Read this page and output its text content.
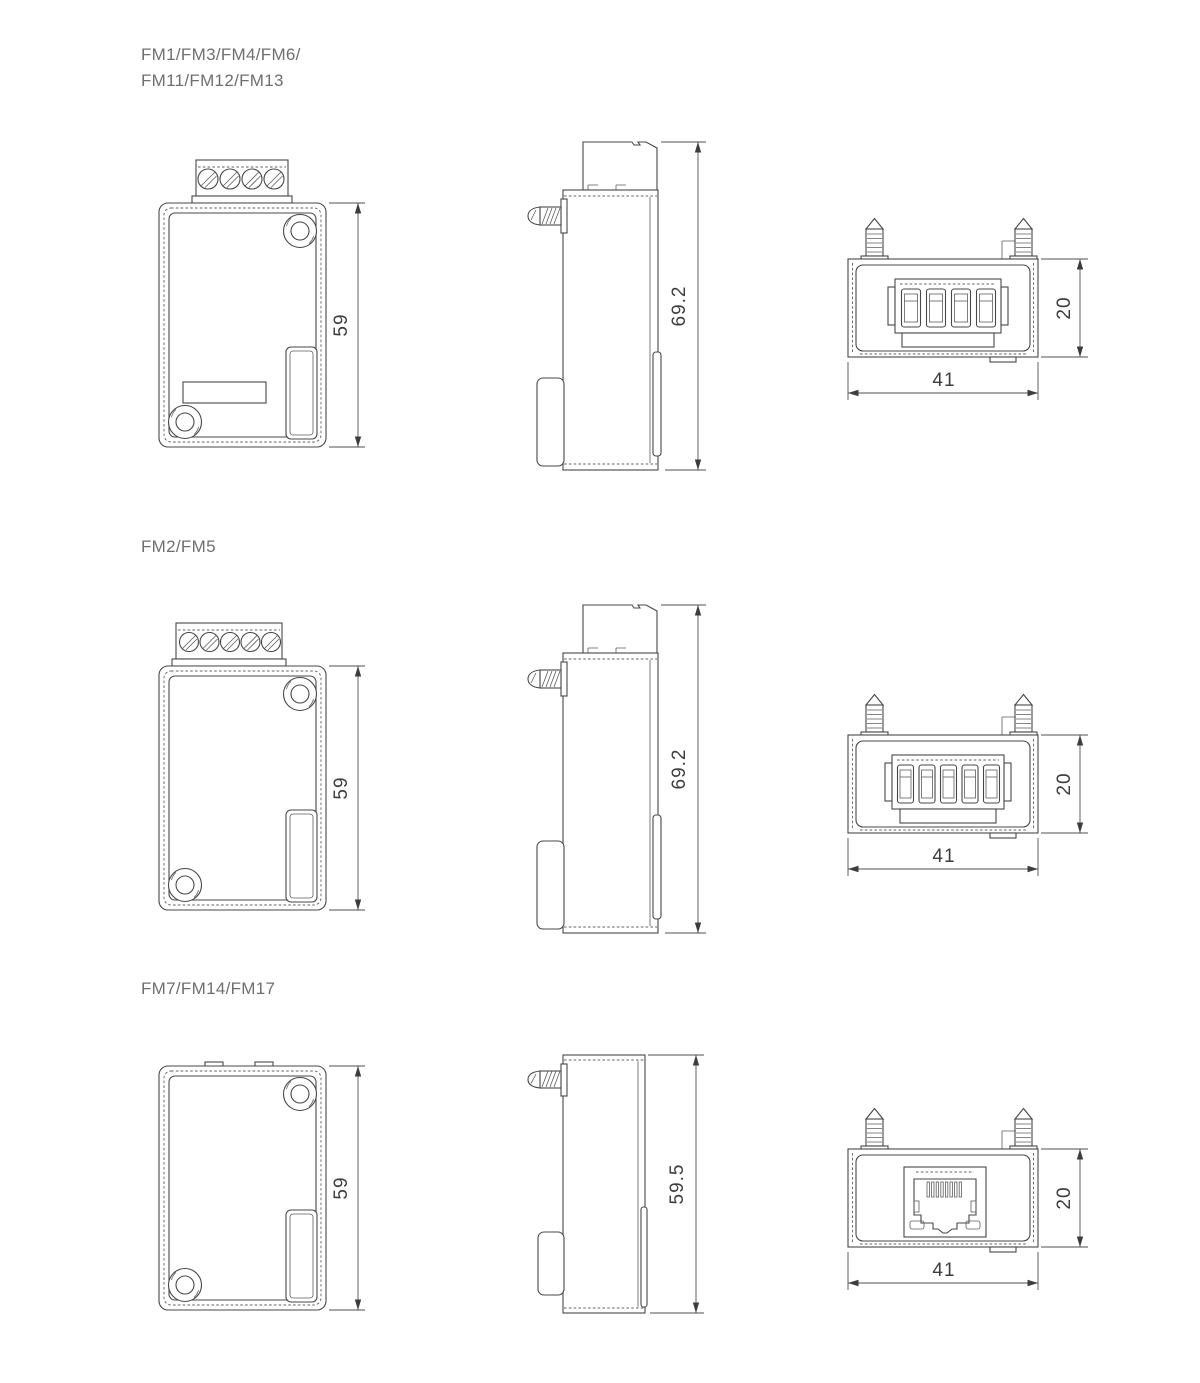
FM1/FM3/FM4/FM6/
FM11/FM12/FM13
59	69.2	20
41
FM2/FM5
59	69.2	20
41
FM7/FM14/FM17
59	59.5	20
41
